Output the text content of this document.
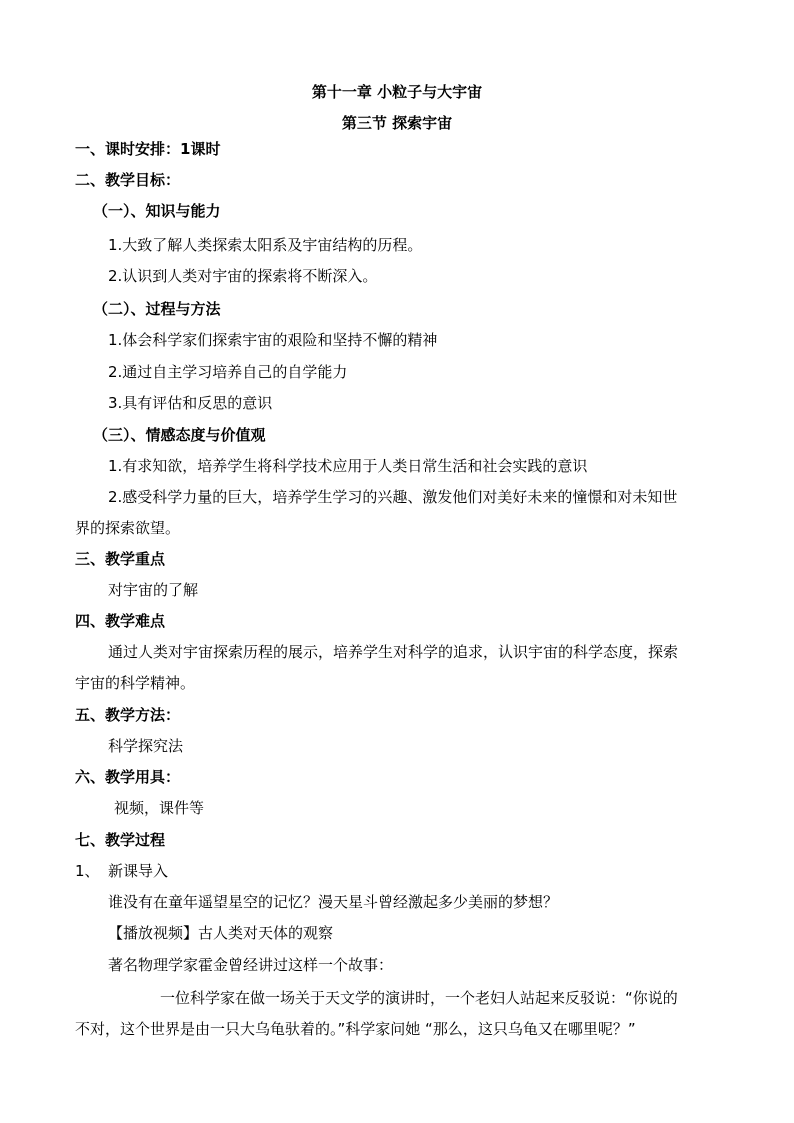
第十一章 小粒子与大宇宙
第三节 探索宇宙
一、课时安排：1课时
二、教学目标：
（一）、知识与能力
1.大致了解人类探索太阳系及宇宙结构的历程。
2.认识到人类对宇宙的探索将不断深入。
（二）、过程与方法
1.体会科学家们探索宇宙的艰险和坚持不懈的精神
2.通过自主学习培养自己的自学能力
3.具有评估和反思的意识
（三）、情感态度与价值观
1.有求知欲，培养学生将科学技术应用于人类日常生活和社会实践的意识
2.感受科学力量的巨大，培养学生学习的兴趣、激发他们对美好未来的憧憬和对未知世
界的探索欲望。
三、教学重点
对宇宙的了解
四、教学难点
通过人类对宇宙探索历程的展示，培养学生对科学的追求，认识宇宙的科学态度，探索
宇宙的科学精神。
五、教学方法：
科学探究法
六、教学用具：
视频，课件等
七、教学过程
1、 新课导入
谁没有在童年遥望星空的记忆？漫天星斗曾经激起多少美丽的梦想？
【播放视频】古人类对天体的观察
著名物理学家霍金曾经讲过这样一个故事：
一位科学家在做一场关于天文学的演讲时，一个老妇人站起来反驳说：“你说的
不对，这个世界是由一只大乌龟驮着的。”科学家问她 “那么，这只乌龟又在哪里呢？”
